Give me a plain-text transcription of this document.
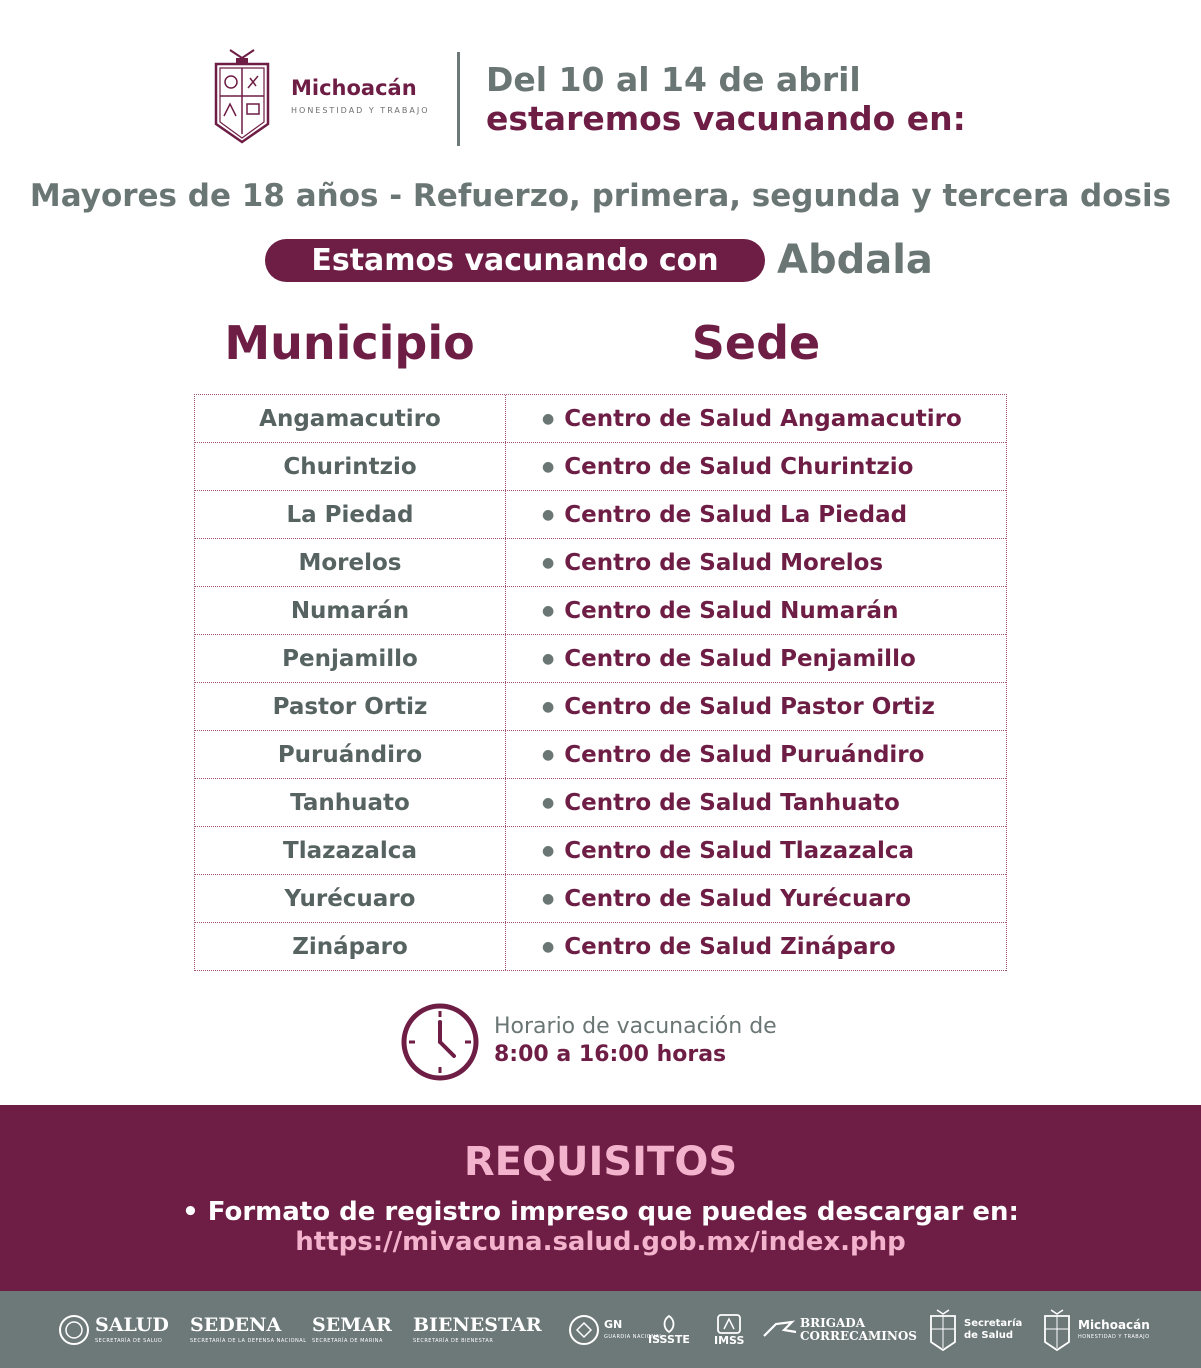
Michoacán
HONESTIDAD Y TRABAJO
Del 10 al 14 de abril
estaremos vacunando en:
Mayores de 18 años - Refuerzo, primera, segunda y tercera dosis
Estamos vacunando con	Abdala
Municipio	Sede
Angamacutiro	● Centro de Salud Angamacutiro
Churintzio	● Centro de Salud Churintzio
La Piedad	● Centro de Salud La Piedad
Morelos	● Centro de Salud Morelos
Numarán	● Centro de Salud Numarán
Penjamillo	● Centro de Salud Penjamillo
Pastor Ortiz	● Centro de Salud Pastor Ortiz
Puruándiro	● Centro de Salud Puruándiro
Tanhuato	● Centro de Salud Tanhuato
Tlazazalca	● Centro de Salud Tlazazalca
Yurécuaro	● Centro de Salud Yurécuaro
Zináparo	● Centro de Salud Zináparo
Horario de vacunación de
8:00 a 16:00 horas
REQUISITOS
• Formato de registro impreso que puedes descargar en:
https://mivacuna.salud.gob.mx/index.php
SALUD
SECRETARÍA DE SALUD
SEDENA
SECRETARÍA DE LA DEFENSA NACIONAL
SEMAR
SECRETARÍA DE MARINA
BIENESTAR
SECRETARÍA DE BIENESTAR
GN
GUARDIA NACIONAL
ISSSTE IMSS
BRIGADA
CORRECAMINOS
Secretaría
de Salud
Michoacán
HONESTIDAD Y TRABAJO
